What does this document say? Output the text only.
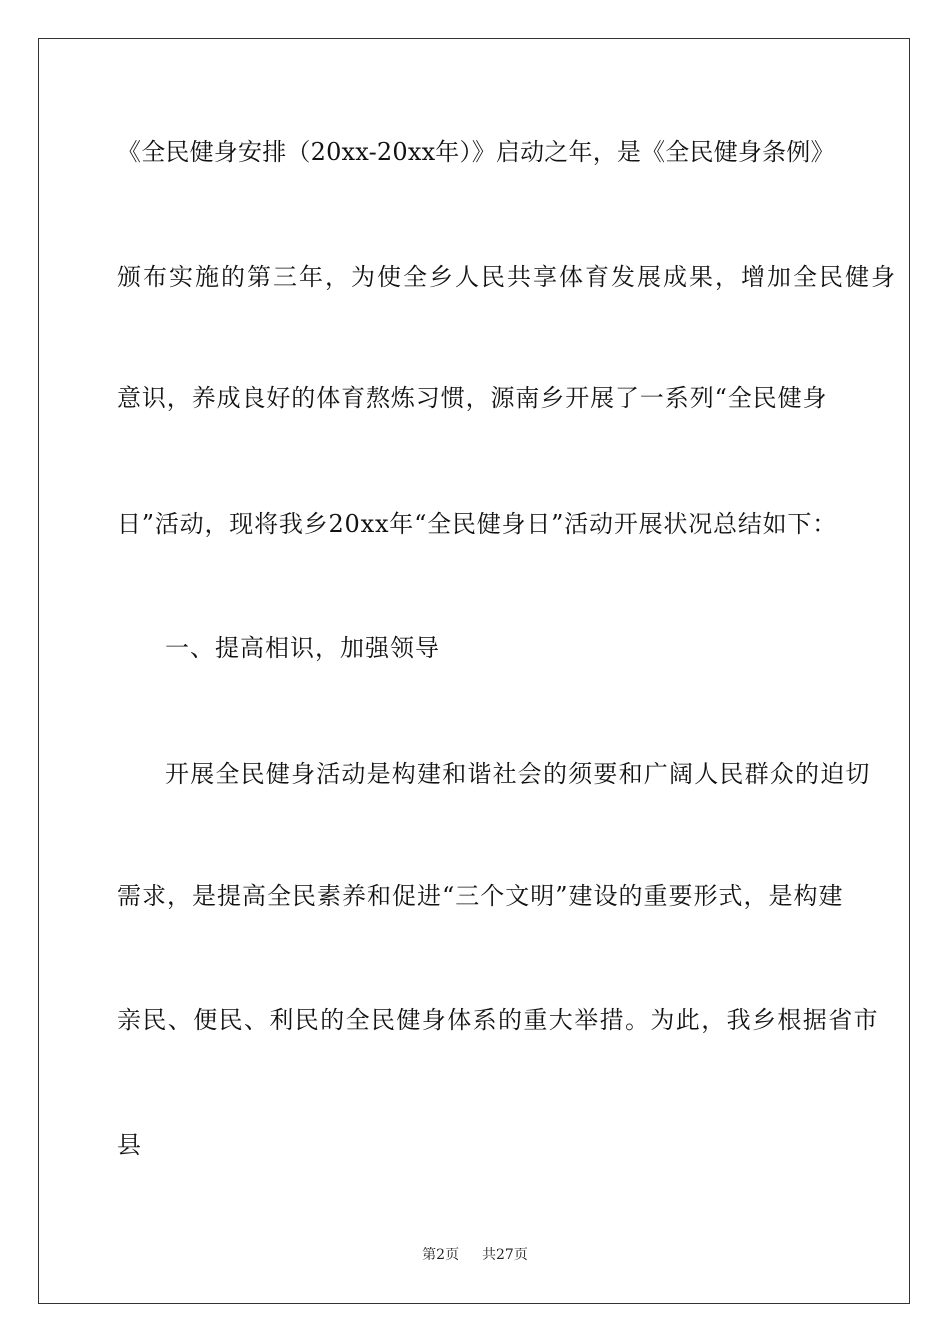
《全民健身安排（20xx-20xx年）》启动之年，是《全民健身条例》
颁布实施的第三年，为使全乡人民共享体育发展成果，增加全民健身
意识，养成良好的体育熬炼习惯，源南乡开展了一系列“全民健身
日”活动，现将我乡20xx年“全民健身日”活动开展状况总结如下：
一、提高相识，加强领导
开展全民健身活动是构建和谐社会的须要和广阔人民群众的迫切
需求，是提高全民素养和促进“三个文明”建设的重要形式，是构建
亲民、便民、利民的全民健身体系的重大举措。为此，我乡根据省市
县
第2页 共27页
